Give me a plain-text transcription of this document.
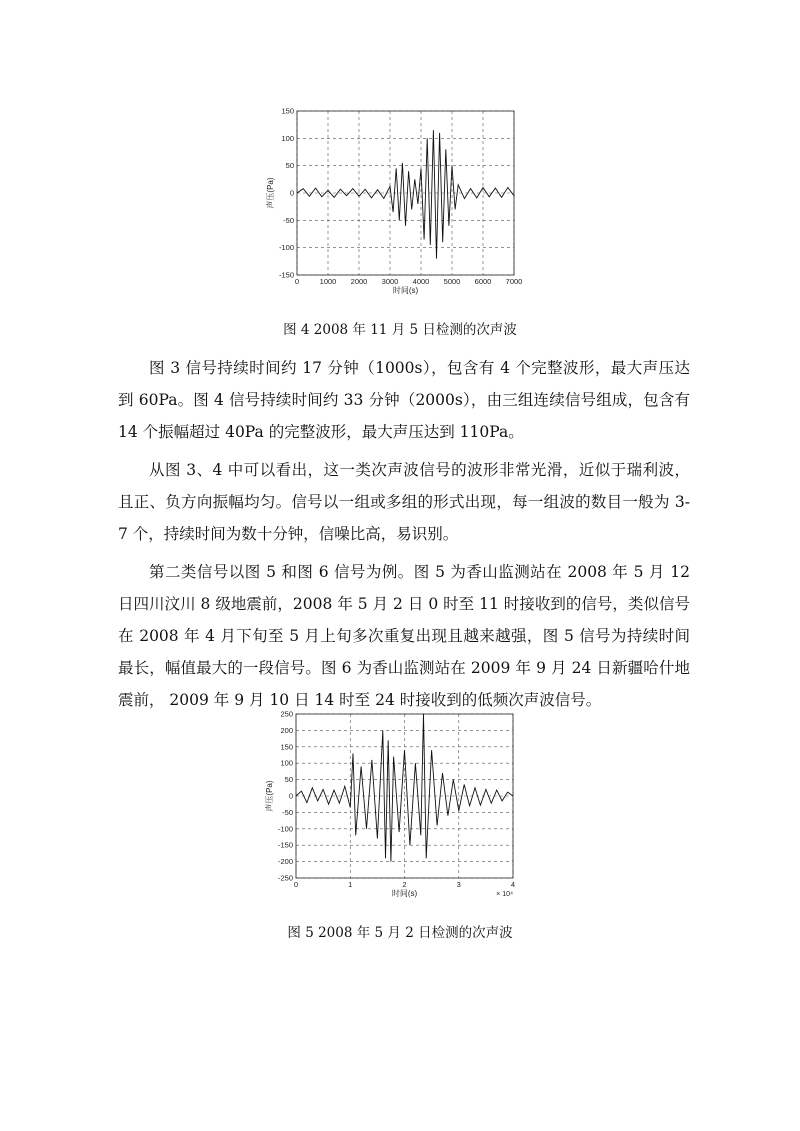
0	1000 2000 3000 4000 5000 6000 7000
150
100
50
0
-50
-100
-150
时间(s)
声压(Pa)
0	1	2	3	4
250
200
150
100
50
0
-50
-100
-150
-200
-250
时间(s)
声压(Pa)
× 10⁴
图 4 2008 年 11 月 5 日检测的次声波

图 3 信号持续时间约 17 分钟（1000s），包含有 4 个完整波形，最大声压达到 60Pa。图 4 信号持续时间约 33 分钟（2000s），由三组连续信号组成，包含有 14 个振幅超过 40Pa 的完整波形，最大声压达到 110Pa。

从图 3、4 中可以看出，这一类次声波信号的波形非常光滑，近似于瑞利波，且正、负方向振幅均匀。信号以一组或多组的形式出现，每一组波的数目一般为 3-7 个，持续时间为数十分钟，信噪比高，易识别。

第二类信号以图 5 和图 6 信号为例。图 5 为香山监测站在 2008 年 5 月 12 日四川汶川 8 级地震前，2008 年 5 月 2 日 0 时至 11 时接收到的信号，类似信号在 2008 年 4 月下旬至 5 月上旬多次重复出现且越来越强，图 5 信号为持续时间最长，幅值最大的一段信号。图 6 为香山监测站在 2009 年 9 月 24 日新疆哈什地震前， 2009 年 9 月 10 日 14 时至 24 时接收到的低频次声波信号。

图 5 2008 年 5 月 2 日检测的次声波
